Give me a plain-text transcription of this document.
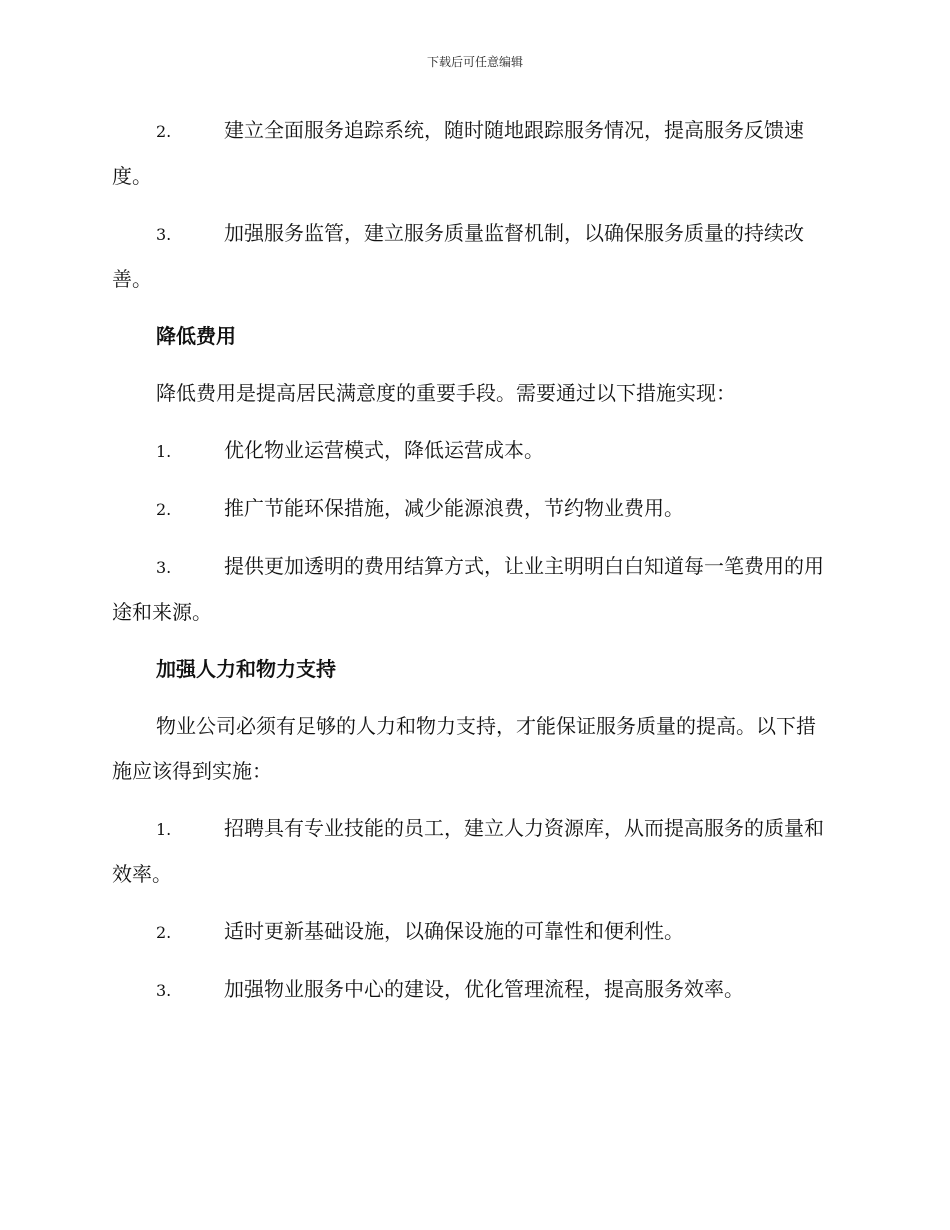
下载后可任意编辑

2.	建立全面服务追踪系统，随时随地跟踪服务情况，提高服务反馈速度。

3.	加强服务监管，建立服务质量监督机制，以确保服务质量的持续改善。

降低费用

降低费用是提高居民满意度的重要手段。需要通过以下措施实现：

1.	优化物业运营模式，降低运营成本。

2.	推广节能环保措施，减少能源浪费，节约物业费用。

3.	提供更加透明的费用结算方式，让业主明明白白知道每一笔费用的用途和来源。

加强人力和物力支持

物业公司必须有足够的人力和物力支持，才能保证服务质量的提高。以下措施应该得到实施：

1.	招聘具有专业技能的员工，建立人力资源库，从而提高服务的质量和效率。

2.	适时更新基础设施，以确保设施的可靠性和便利性。

3.	加强物业服务中心的建设，优化管理流程，提高服务效率。
